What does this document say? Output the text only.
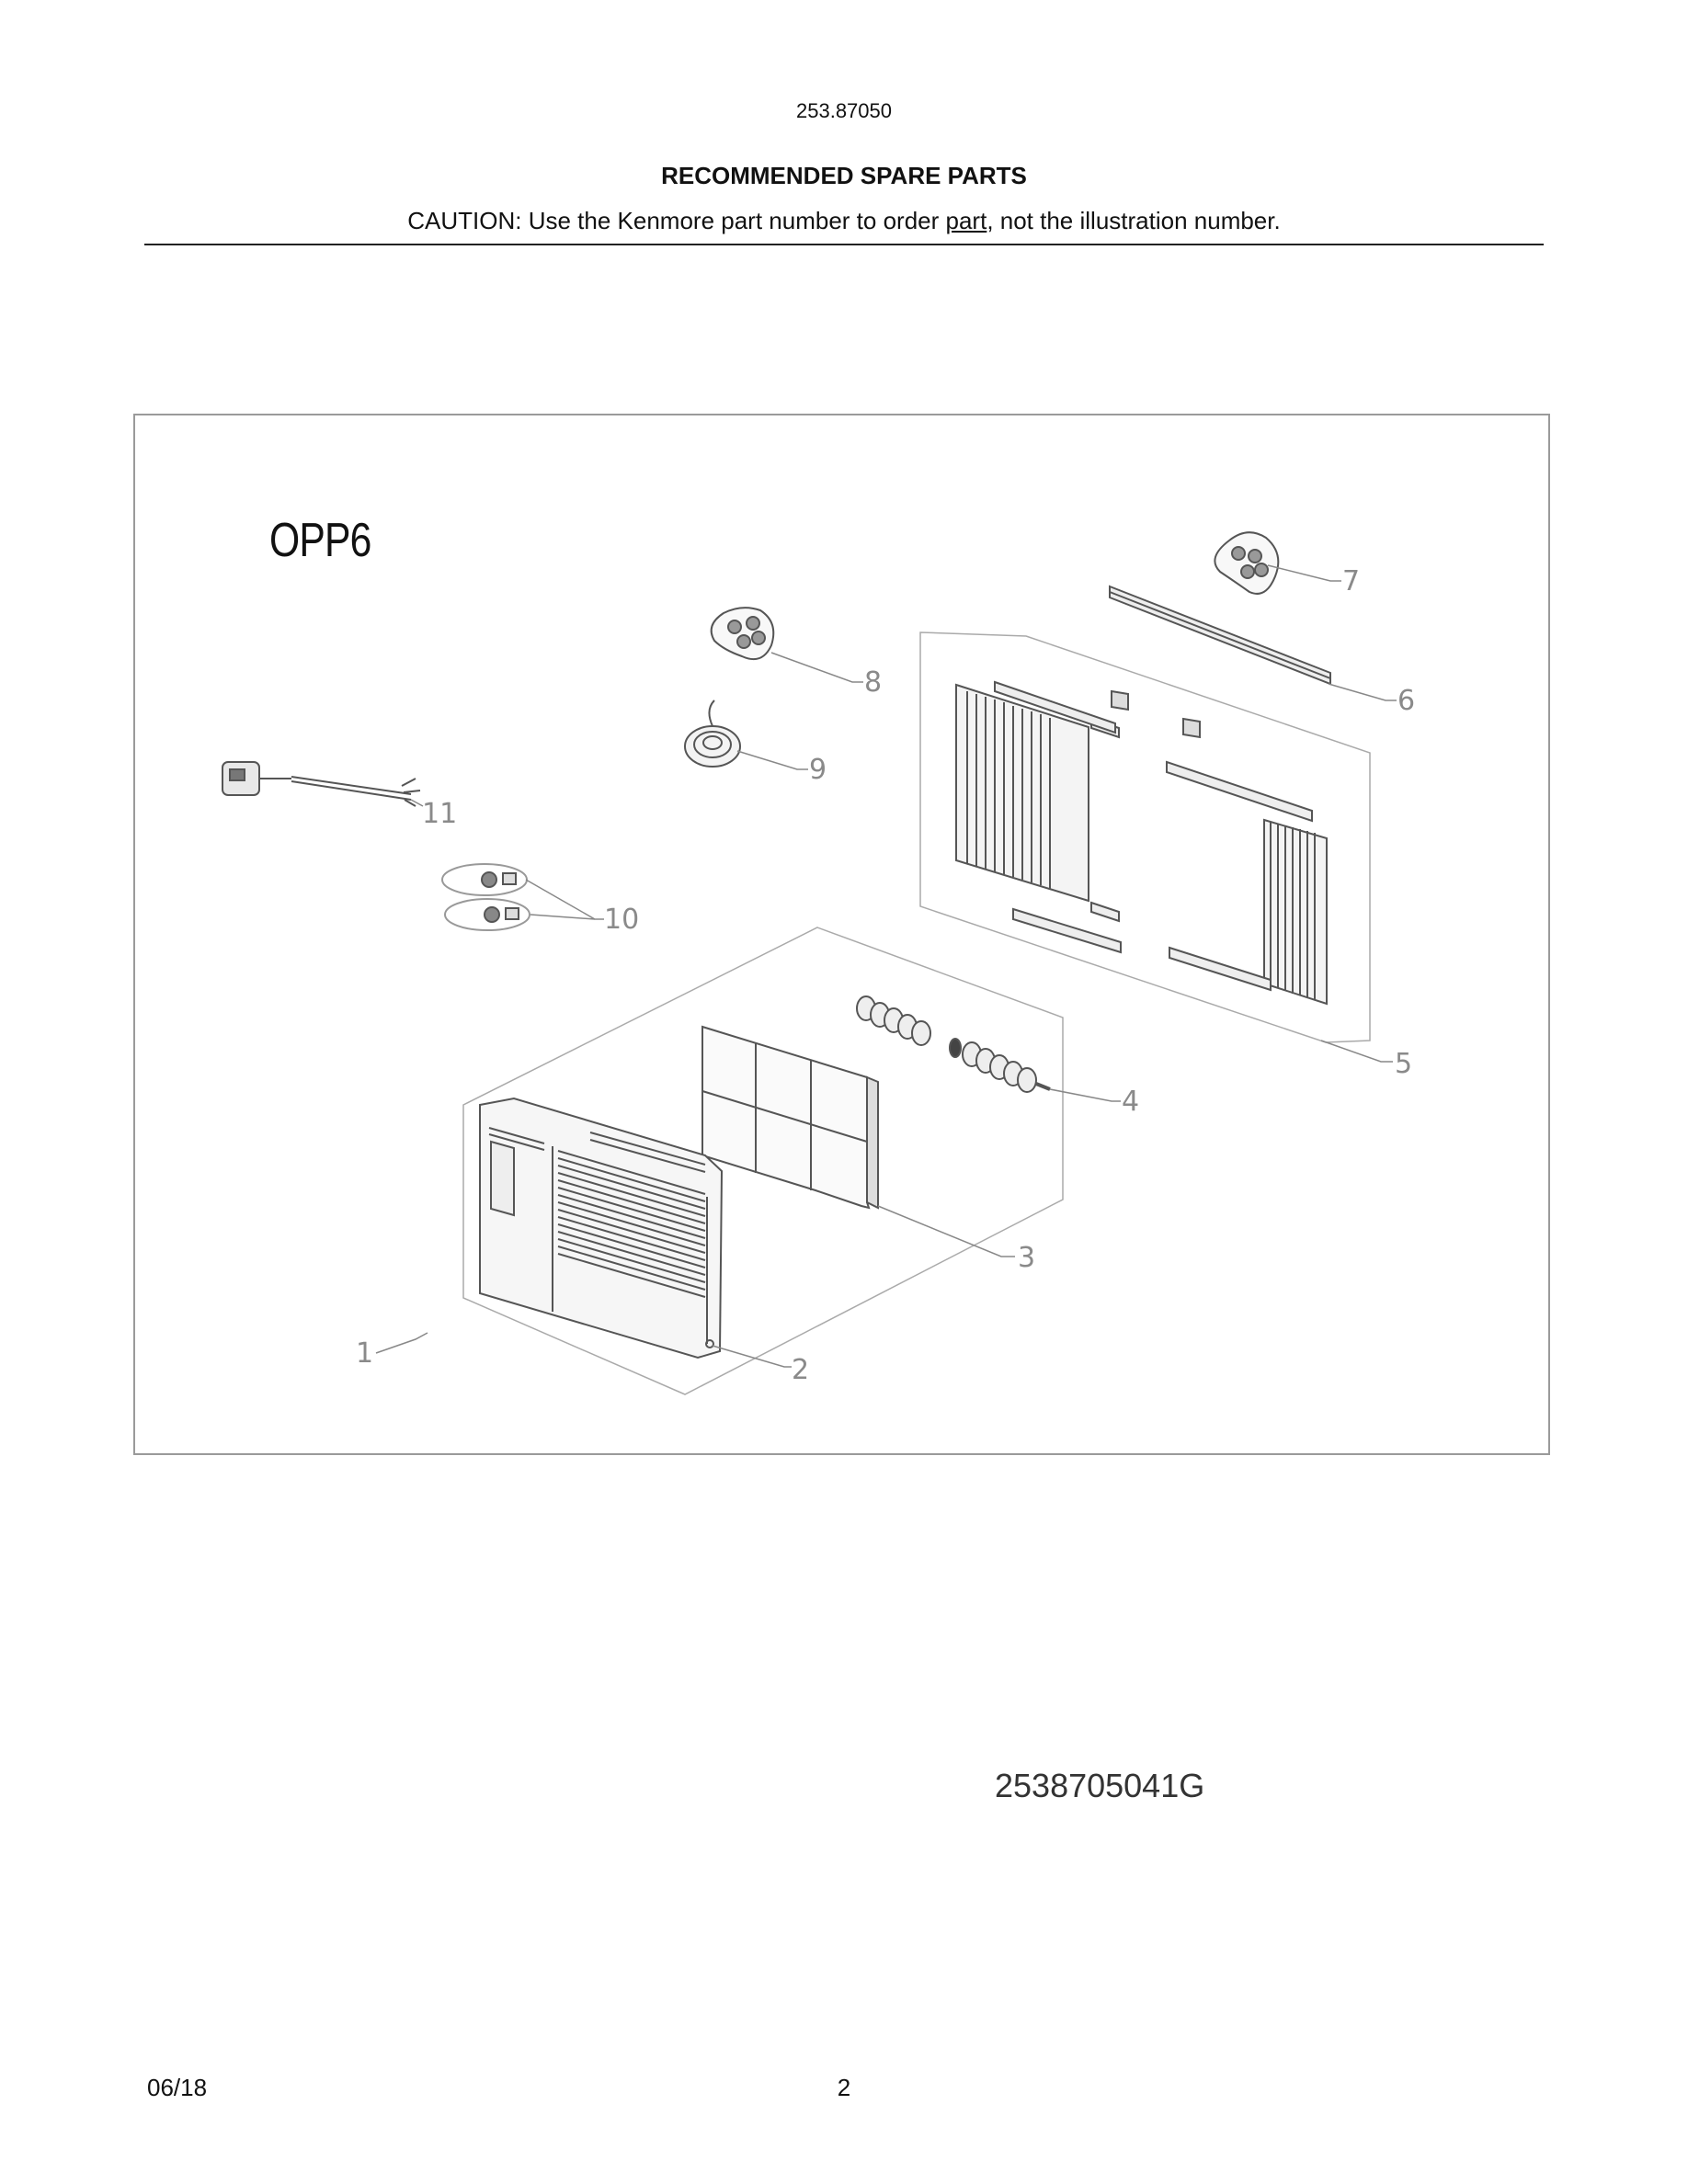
253.87050
RECOMMENDED SPARE PARTS
CAUTION: Use the Kenmore part number to order part, not the illustration number.
OPP6
1
2
3
4
5
6
7
8
9
10
11
2538705041G
06/18	2
